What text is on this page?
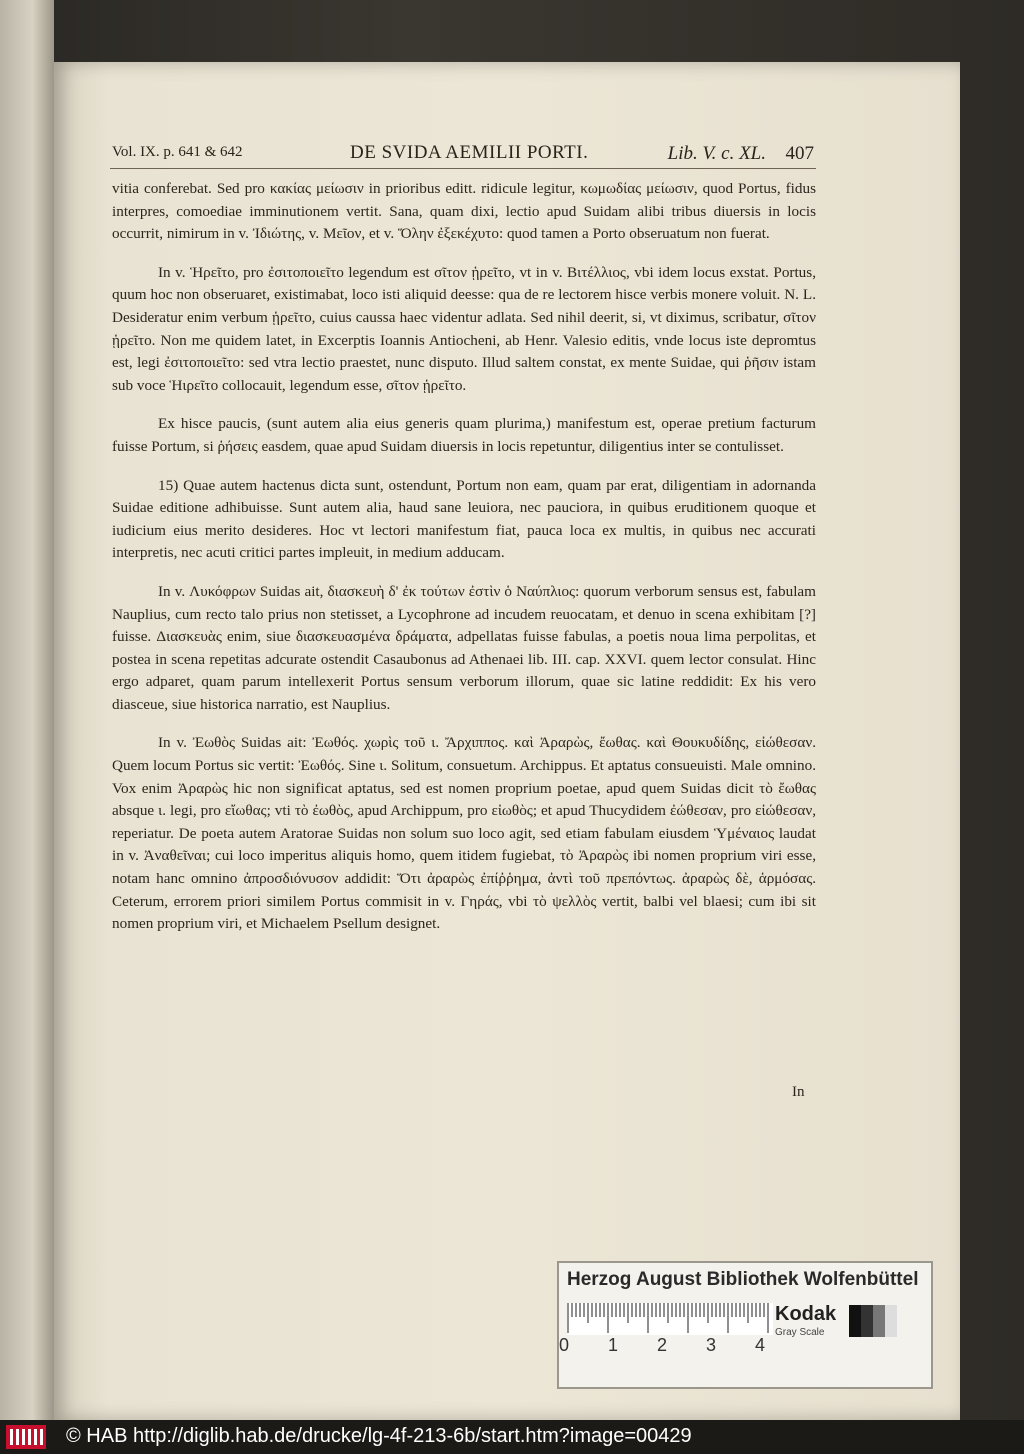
Vol. IX. p. 641 & 642	DE SVIDA AEMILII PORTI.	Lib. V. c. XL. 407

vitia conferebat. Sed pro κακίας μείωσιν in prioribus editt. ridicule legitur, κωμωδίας μείωσιν, quod Portus, fidus interpres, comoediae imminutionem vertit. Sana, quam dixi, lectio apud Suidam alibi tribus diuersis in locis occurrit, nimirum in v. Ἰδιώτης, v. Μεῖον, et v. Ὅλην ἐξεκέχυτο: quod tamen a Porto obseruatum non fuerat.

In v. Ἡρεῖτο, pro ἐσιτοποιεῖτο legendum est σῖτον ᾑρεῖτο, vt in v. Βιτέλλιος, vbi idem locus exstat. Portus, quum hoc non obseruaret, existimabat, loco isti aliquid deesse: qua de re lectorem hisce verbis monere voluit. N. L. Desideratur enim verbum ᾑρεῖτο, cuius caussa haec videntur adlata. Sed nihil deerit, si, vt diximus, scribatur, σῖτον ᾑρεῖτο. Non me quidem latet, in Excerptis Ioannis Antiocheni, ab Henr. Valesio editis, vnde locus iste depromtus est, legi ἐσιτοποιεῖτο: sed vtra lectio praestet, nunc disputo. Illud saltem constat, ex mente Suidae, qui ῥῆσιν istam sub voce Ἡιρεῖτο collocauit, legendum esse, σῖτον ᾑρεῖτο.

Ex hisce paucis, (sunt autem alia eius generis quam plurima,) manifestum est, operae pretium facturum fuisse Portum, si ῥήσεις easdem, quae apud Suidam diuersis in locis repetuntur, diligentius inter se contulisset.

15) Quae autem hactenus dicta sunt, ostendunt, Portum non eam, quam par erat, diligentiam in adornanda Suidae editione adhibuisse. Sunt autem alia, haud sane leuiora, nec pauciora, in quibus eruditionem quoque et iudicium eius merito desideres. Hoc vt lectori manifestum fiat, pauca loca ex multis, in quibus nec accurati interpretis, nec acuti critici partes impleuit, in medium adducam.

In v. Λυκόφρων Suidas ait, διασκευὴ δ' ἐκ τούτων ἐστὶν ὁ Ναύπλιος: quorum verborum sensus est, fabulam Nauplius, cum recto talo prius non stetisset, a Lycophrone ad incudem reuocatam, et denuo in scena exhibitam [?] fuisse. Διασκευὰς enim, siue διασκευασμένα δράματα, adpellatas fuisse fabulas, a poetis noua lima perpolitas, et postea in scena repetitas adcurate ostendit Casaubonus ad Athenaei lib. III. cap. XXVI. quem lector consulat. Hinc ergo adparet, quam parum intellexerit Portus sensum verborum illorum, quae sic latine reddidit: Ex his vero diasceue, siue historica narratio, est Nauplius.

In v. Ἐωθὸς Suidas ait: Ἐωθός. χωρὶς τοῦ ι. Ἄρχιππος. καὶ Ἀραρὼς, ἔωθας. καὶ Θουκυδίδης, εἰώθεσαν. Quem locum Portus sic vertit: Ἐωθός. Sine ι. Solitum, consuetum. Archippus. Et aptatus consueuisti. Male omnino. Vox enim Ἀραρὼς hic non significat aptatus, sed est nomen proprium poetae, apud quem Suidas dicit τὸ ἔωθας absque ι. legi, pro εἴωθας; vti τὸ ἐωθὸς, apud Archippum, pro εἰωθὸς; et apud Thucydidem ἐώθεσαν, pro εἰώθεσαν, reperiatur. De poeta autem Aratorae Suidas non solum suo loco agit, sed etiam fabulam eiusdem Ὑμέναιος laudat in v. Ἀναθεῖναι; cui loco imperitus aliquis homo, quem itidem fugiebat, τὸ Ἀραρὼς ibi nomen proprium viri esse, notam hanc omnino ἀπροσδιόνυσον addidit: Ὅτι ἀραρὼς ἐπίῤῥημα, ἀντὶ τοῦ πρεπόντως. ἀραρὼς δὲ, ἁρμόσας. Ceterum, errorem priori similem Portus commisit in v. Γηράς, vbi τὸ ψελλὸς vertit, balbi vel blaesi; cum ibi sit nomen proprium viri, et Michaelem Psellum designet.

In
Herzog August Bibliothek Wolfenbüttel
0 1 2 3 4
Kodak
Gray Scale
© HAB http://diglib.hab.de/drucke/lg-4f-213-6b/start.htm?image=00429
